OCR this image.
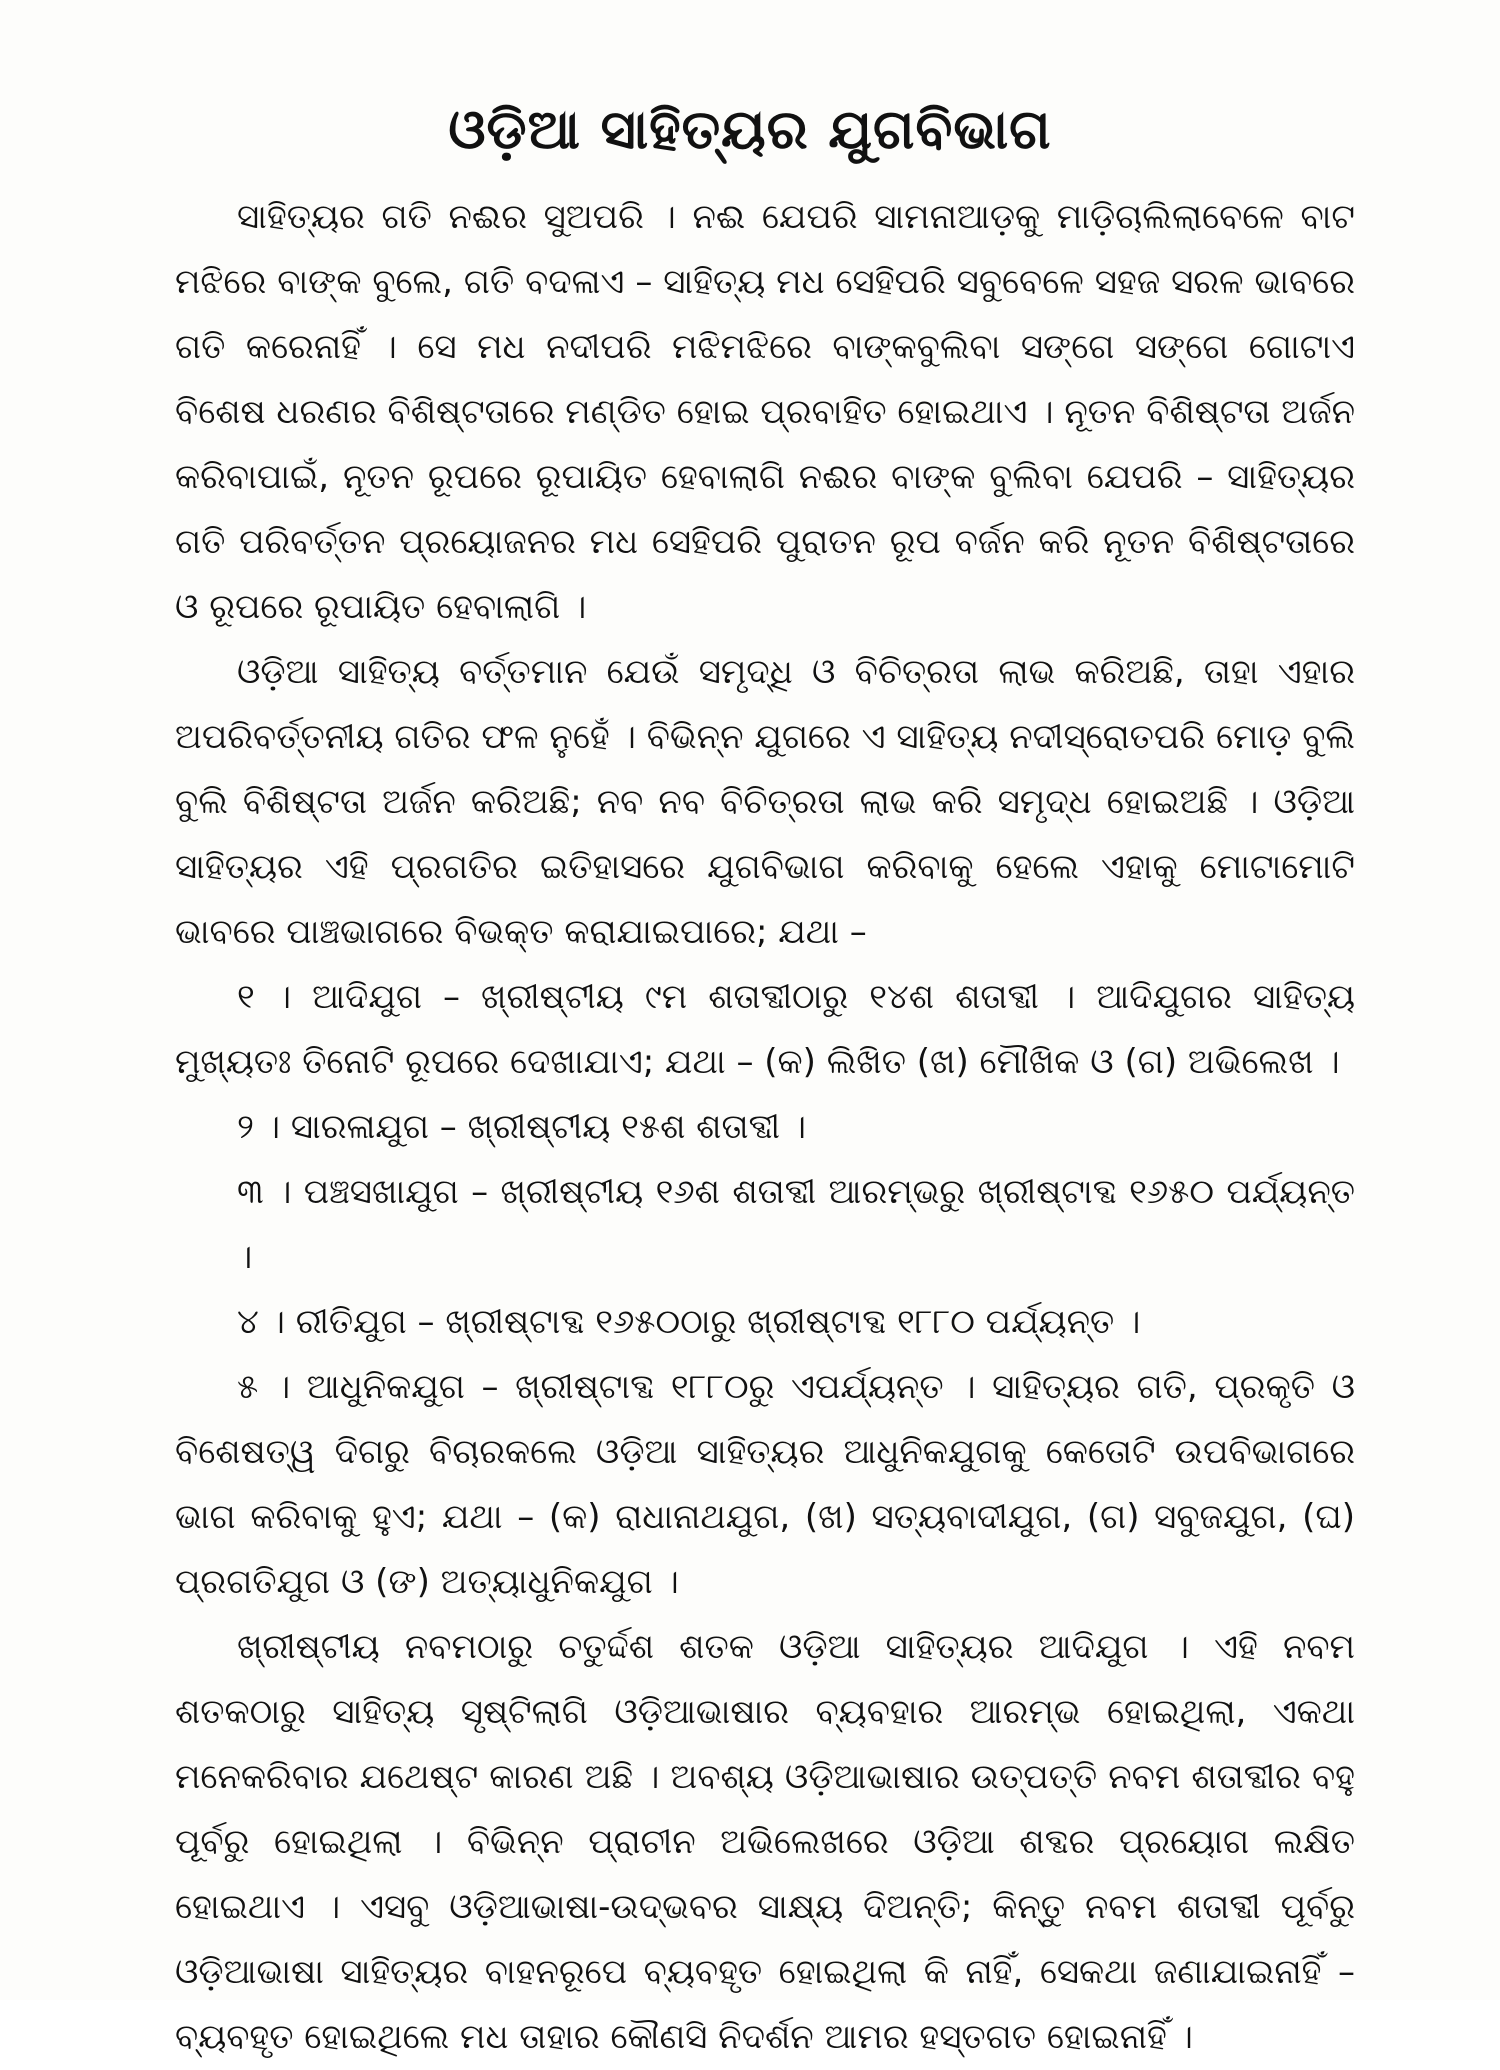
ଓଡ଼ିଆ ସାହିତ୍ୟର ଯୁଗବିଭାଗ

ସାହିତ୍ୟର ଗତି ନଈର ସୁଅପରି । ନଈ ଯେପରି ସାମନାଆଡ଼କୁ ମାଡ଼ିଚାଲିଲାବେଳେ ବାଟ ମଝିରେ ବାଙ୍କ ବୁଲେ, ଗତି ବଦଳାଏ – ସାହିତ୍ୟ ମଧ ସେହିପରି ସବୁବେଳେ ସହଜ ସରଳ ଭାବରେ ଗତି କରେନାହିଁ । ସେ ମଧ ନଦୀପରି ମଝିମଝିରେ ବାଙ୍କବୁଲିବା ସଙ୍ଗେ ସଙ୍ଗେ ଗୋଟାଏ ବିଶେଷ ଧରଣର ବିଶିଷ୍ଟତାରେ ମଣ୍ଡିତ ହୋଇ ପ୍ରବାହିତ ହୋଇଥାଏ । ନୂତନ ବିଶିଷ୍ଟତା ଅର୍ଜନ କରିବାପାଇଁ, ନୂତନ ରୂପରେ ରୂପାୟିତ ହେବାଲାଗି ନଈର ବାଙ୍କ ବୁଲିବା ଯେପରି – ସାହିତ୍ୟର ଗତି ପରିବର୍ତ୍ତନ ପ୍ରୟୋଜନର ମଧ ସେହିପରି ପୁରାତନ ରୂପ ବର୍ଜନ କରି ନୂତନ ବିଶିଷ୍ଟତାରେ ଓ ରୂପରେ ରୂପାୟିତ ହେବାଲାଗି ।

ଓଡ଼ିଆ ସାହିତ୍ୟ ବର୍ତ୍ତମାନ ଯେଉଁ ସମୃଦ୍ଧି ଓ ବିଚିତ୍ରତା ଲାଭ କରିଅଛି, ତାହା ଏହାର ଅପରିବର୍ତ୍ତନୀୟ ଗତିର ଫଳ ନୁହେଁ । ବିଭିନ୍ନ ଯୁଗରେ ଏ ସାହିତ୍ୟ ନଦୀସ୍ରୋତପରି ମୋଡ଼ ବୁଲି ବୁଲି ବିଶିଷ୍ଟତା ଅର୍ଜନ କରିଅଛି; ନବ ନବ ବିଚିତ୍ରତା ଲାଭ କରି ସମୃଦ୍ଧ ହୋଇଅଛି । ଓଡ଼ିଆ ସାହିତ୍ୟର ଏହି ପ୍ରଗତିର ଇତିହାସରେ ଯୁଗବିଭାଗ କରିବାକୁ ହେଲେ ଏହାକୁ ମୋଟାମୋଟି ଭାବରେ ପାଞ୍ଚଭାଗରେ ବିଭକ୍ତ କରାଯାଇପାରେ; ଯଥା –

୧ । ଆଦିଯୁଗ – ଖ୍ରୀଷ୍ଟୀୟ ୯ମ ଶତାବ୍ଦୀଠାରୁ ୧୪ଶ ଶତାବ୍ଦୀ । ଆଦିଯୁଗର ସାହିତ୍ୟ ମୁଖ୍ୟତଃ ତିନୋଟି ରୂପରେ ଦେଖାଯାଏ; ଯଥା – (କ) ଲିଖିତ (ଖ) ମୌଖିକ ଓ (ଗ) ଅଭିଲେଖ ।

୨ । ସାରଳାଯୁଗ – ଖ୍ରୀଷ୍ଟୀୟ ୧୫ଶ ଶତାବ୍ଦୀ ।

୩ । ପଞ୍ଚସଖାଯୁଗ – ଖ୍ରୀଷ୍ଟୀୟ ୧୬ଶ ଶତାବ୍ଦୀ ଆରମ୍ଭରୁ ଖ୍ରୀଷ୍ଟାବ୍ଦ ୧୬୫୦ ପର୍ଯ୍ୟନ୍ତ ।

୪ । ରୀତିଯୁଗ – ଖ୍ରୀଷ୍ଟାବ୍ଦ ୧୬୫୦ଠାରୁ ଖ୍ରୀଷ୍ଟାବ୍ଦ ୧୮୮୦ ପର୍ଯ୍ୟନ୍ତ ।

୫ । ଆଧୁନିକଯୁଗ – ଖ୍ରୀଷ୍ଟାବ୍ଦ ୧୮୮୦ରୁ ଏପର୍ଯ୍ୟନ୍ତ । ସାହିତ୍ୟର ଗତି, ପ୍ରକୃତି ଓ ବିଶେଷତ୍ୱ ଦିଗରୁ ବିଚାରକଲେ ଓଡ଼ିଆ ସାହିତ୍ୟର ଆଧୁନିକଯୁଗକୁ କେତୋଟି ଉପବିଭାଗରେ ଭାଗ କରିବାକୁ ହୁଏ; ଯଥା – (କ) ରାଧାନାଥଯୁଗ, (ଖ) ସତ୍ୟବାଦୀଯୁଗ, (ଗ) ସବୁଜଯୁଗ, (ଘ) ପ୍ରଗତିଯୁଗ ଓ (ଙ) ଅତ୍ୟାଧୁନିକଯୁଗ ।

ଖ୍ରୀଷ୍ଟୀୟ ନବମଠାରୁ ଚତୁର୍ଦ୍ଦଶ ଶତକ ଓଡ଼ିଆ ସାହିତ୍ୟର ଆଦିଯୁଗ । ଏହି ନବମ ଶତକଠାରୁ ସାହିତ୍ୟ ସୃଷ୍ଟିଲାଗି ଓଡ଼ିଆଭାଷାର ବ୍ୟବହାର ଆରମ୍ଭ ହୋଇଥିଲା, ଏକଥା ମନେକରିବାର ଯଥେଷ୍ଟ କାରଣ ଅଛି । ଅବଶ୍ୟ ଓଡ଼ିଆଭାଷାର ଉତ୍ପତ୍ତି ନବମ ଶତାବ୍ଦୀର ବହୁ ପୂର୍ବରୁ ହୋଇଥିଲା । ବିଭିନ୍ନ ପ୍ରାଚୀନ ଅଭିଲେଖରେ ଓଡ଼ିଆ ଶବ୍ଦର ପ୍ରୟୋଗ ଲକ୍ଷିତ ହୋଇଥାଏ । ଏସବୁ ଓଡ଼ିଆଭାଷା-ଉଦ୍ଭବର ସାକ୍ଷ୍ୟ ଦିଅନ୍ତି; କିନ୍ତୁ ନବମ ଶତାବ୍ଦୀ ପୂର୍ବରୁ ଓଡ଼ିଆଭାଷା ସାହିତ୍ୟର ବାହନରୂପେ ବ୍ୟବହୃତ ହୋଇଥିଲା କି ନାହିଁ, ସେକଥା ଜଣାଯାଇନାହିଁ – ବ୍ୟବହୃତ ହୋଇଥିଲେ ମଧ ତାହାର କୌଣସି ନିଦର୍ଶନ ଆମର ହସ୍ତଗତ ହୋଇନାହିଁ ।
